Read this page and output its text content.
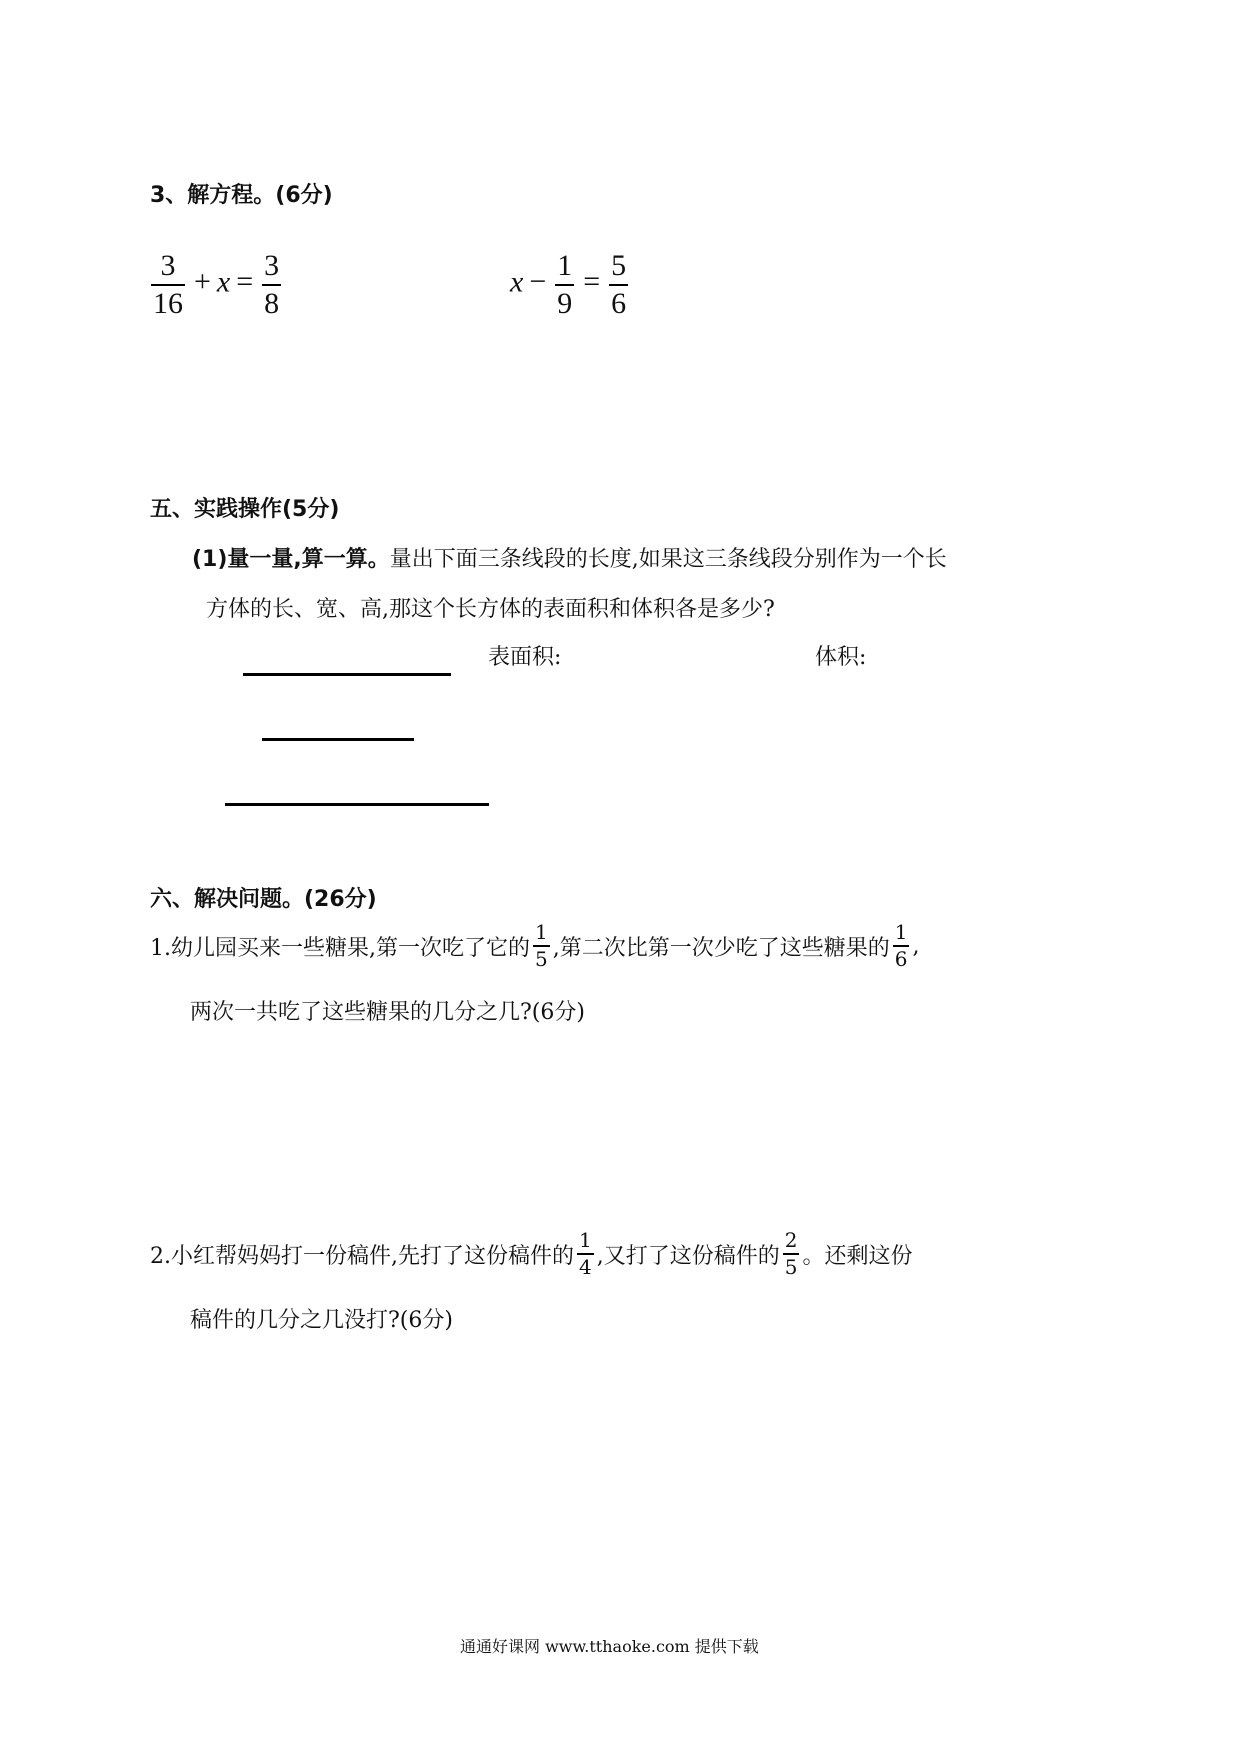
3、解方程。(6分)
$\frac{3}{16} + x = \frac{3}{8}$	$x - \frac{1}{9} = \frac{5}{6}$
五、实践操作(5分)
(1)量一量,算一算。量出下面三条线段的长度,如果这三条线段分别作为一个长
方体的长、宽、高,那这个长方体的表面积和体积各是多少?
表面积:	体积:
六、解决问题。(26分)
1.幼儿园买来一些糖果,第一次吃了它的 $\frac{1}{5}$ ,第二次比第一次少吃了这些糖果的 $\frac{1}{6}$ ,
两次一共吃了这些糖果的几分之几?(6分)
2.小红帮妈妈打一份稿件,先打了这份稿件的 $\frac{1}{4}$ ,又打了这份稿件的 $\frac{2}{5}$ 。还剩这份
稿件的几分之几没打?(6分)
通通好课网 www.tthaoke.com 提供下载
